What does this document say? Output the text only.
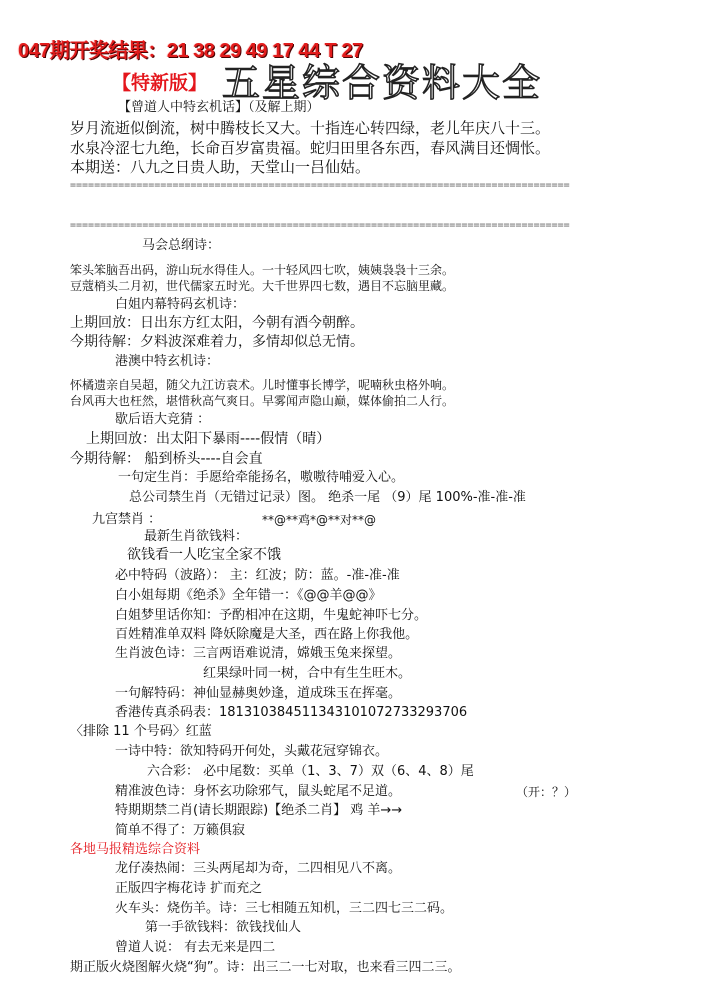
047期开奖结果：21 38 29 49 17 44 T 27
【特新版】 五星综合资料大全
【曾道人中特玄机话】（及解上期）
岁月流逝似倒流，树中腾枝长又大。十指连心转四绿，老儿年庆八十三。
水泉冷涩七九绝，长命百岁富贵福。蛇归田里各东西，春风满目还惆怅。
本期送：八九之日贵人助，天堂山一吕仙姑。
===================================================================================
===================================================================================
马会总纲诗：
笨头笨脑吾出码，游山玩水得佳人。一十轻风四七吹，姨姨袅袅十三余。
豆蔻梢头二月初，世代儒家五时光。大千世界四七数，遇目不忘脑里藏。
白姐内幕特码玄机诗：
上期回放：日出东方红太阳，今朝有酒今朝醉。
今期待解：夕料波深难着力，多情却似总无情。
港澳中特玄机诗：
怀橘遗亲自吴超，随父九江访袁术。儿时懂事长博学，呢喃秋虫格外响。
台风再大也枉然，堪惜秋高气爽日。早雾闻声隐山巅，媒体偷拍二人行。
歇后语大竞猜 ：
上期回放：出太阳下暴雨----假情（晴）
今期待解： 船到桥头----自会直
一句定生肖：手愿给牵能扬名，嗷嗷待哺爱入心。
总公司禁生肖（无错过记录）图。 绝杀一尾 （9）尾 100%-准-准-准
九宫禁肖 ：	**@**鸡*@**对**@
最新生肖欲钱料：
欲钱看一人吃宝全家不饿
必中特码（波路）： 主：红波；防：蓝。-准-准-准
白小姐每期《绝杀》全年错一：《@@羊@@》
白姐梦里话你知：予酌相冲在这期，牛鬼蛇神吓七分。
百姓精准单双料 降妖除魔是大圣，西在路上你我他。
生肖波色诗：三言两语难说清，嫦娥玉兔来探望。
红果绿叶同一树，合中有生生旺木。
一句解特码：神仙显赫奥妙逢，道成珠玉在挥毫。
香港传真杀码表：181310384511343101072733293706
〈排除 11 个号码〉红蓝
一诗中特：欲知特码开何处，头戴花冠穿锦衣。
六合彩： 必中尾数：买单（1、3、7）双（6、4、8）尾
精准波色诗：身怀玄功除邪气，鼠头蛇尾不足道。	（开：？）
特期期禁二肖(请长期跟踪)【绝杀二肖】 鸡 羊→→
简单不得了：万籁俱寂
各地马报精选综合资料
龙仔凑热闹：三头两尾却为奇，二四相见八不离。
正版四字梅花诗 扩而充之
火车头：烧伤羊。诗：三七相随五知机，三二四七三二码。
第一手欲钱料：欲钱找仙人
曾道人说： 有去无来是四二
期正版火烧图解火烧“狗”。诗：出三二一七对取，也来看三四二三。
